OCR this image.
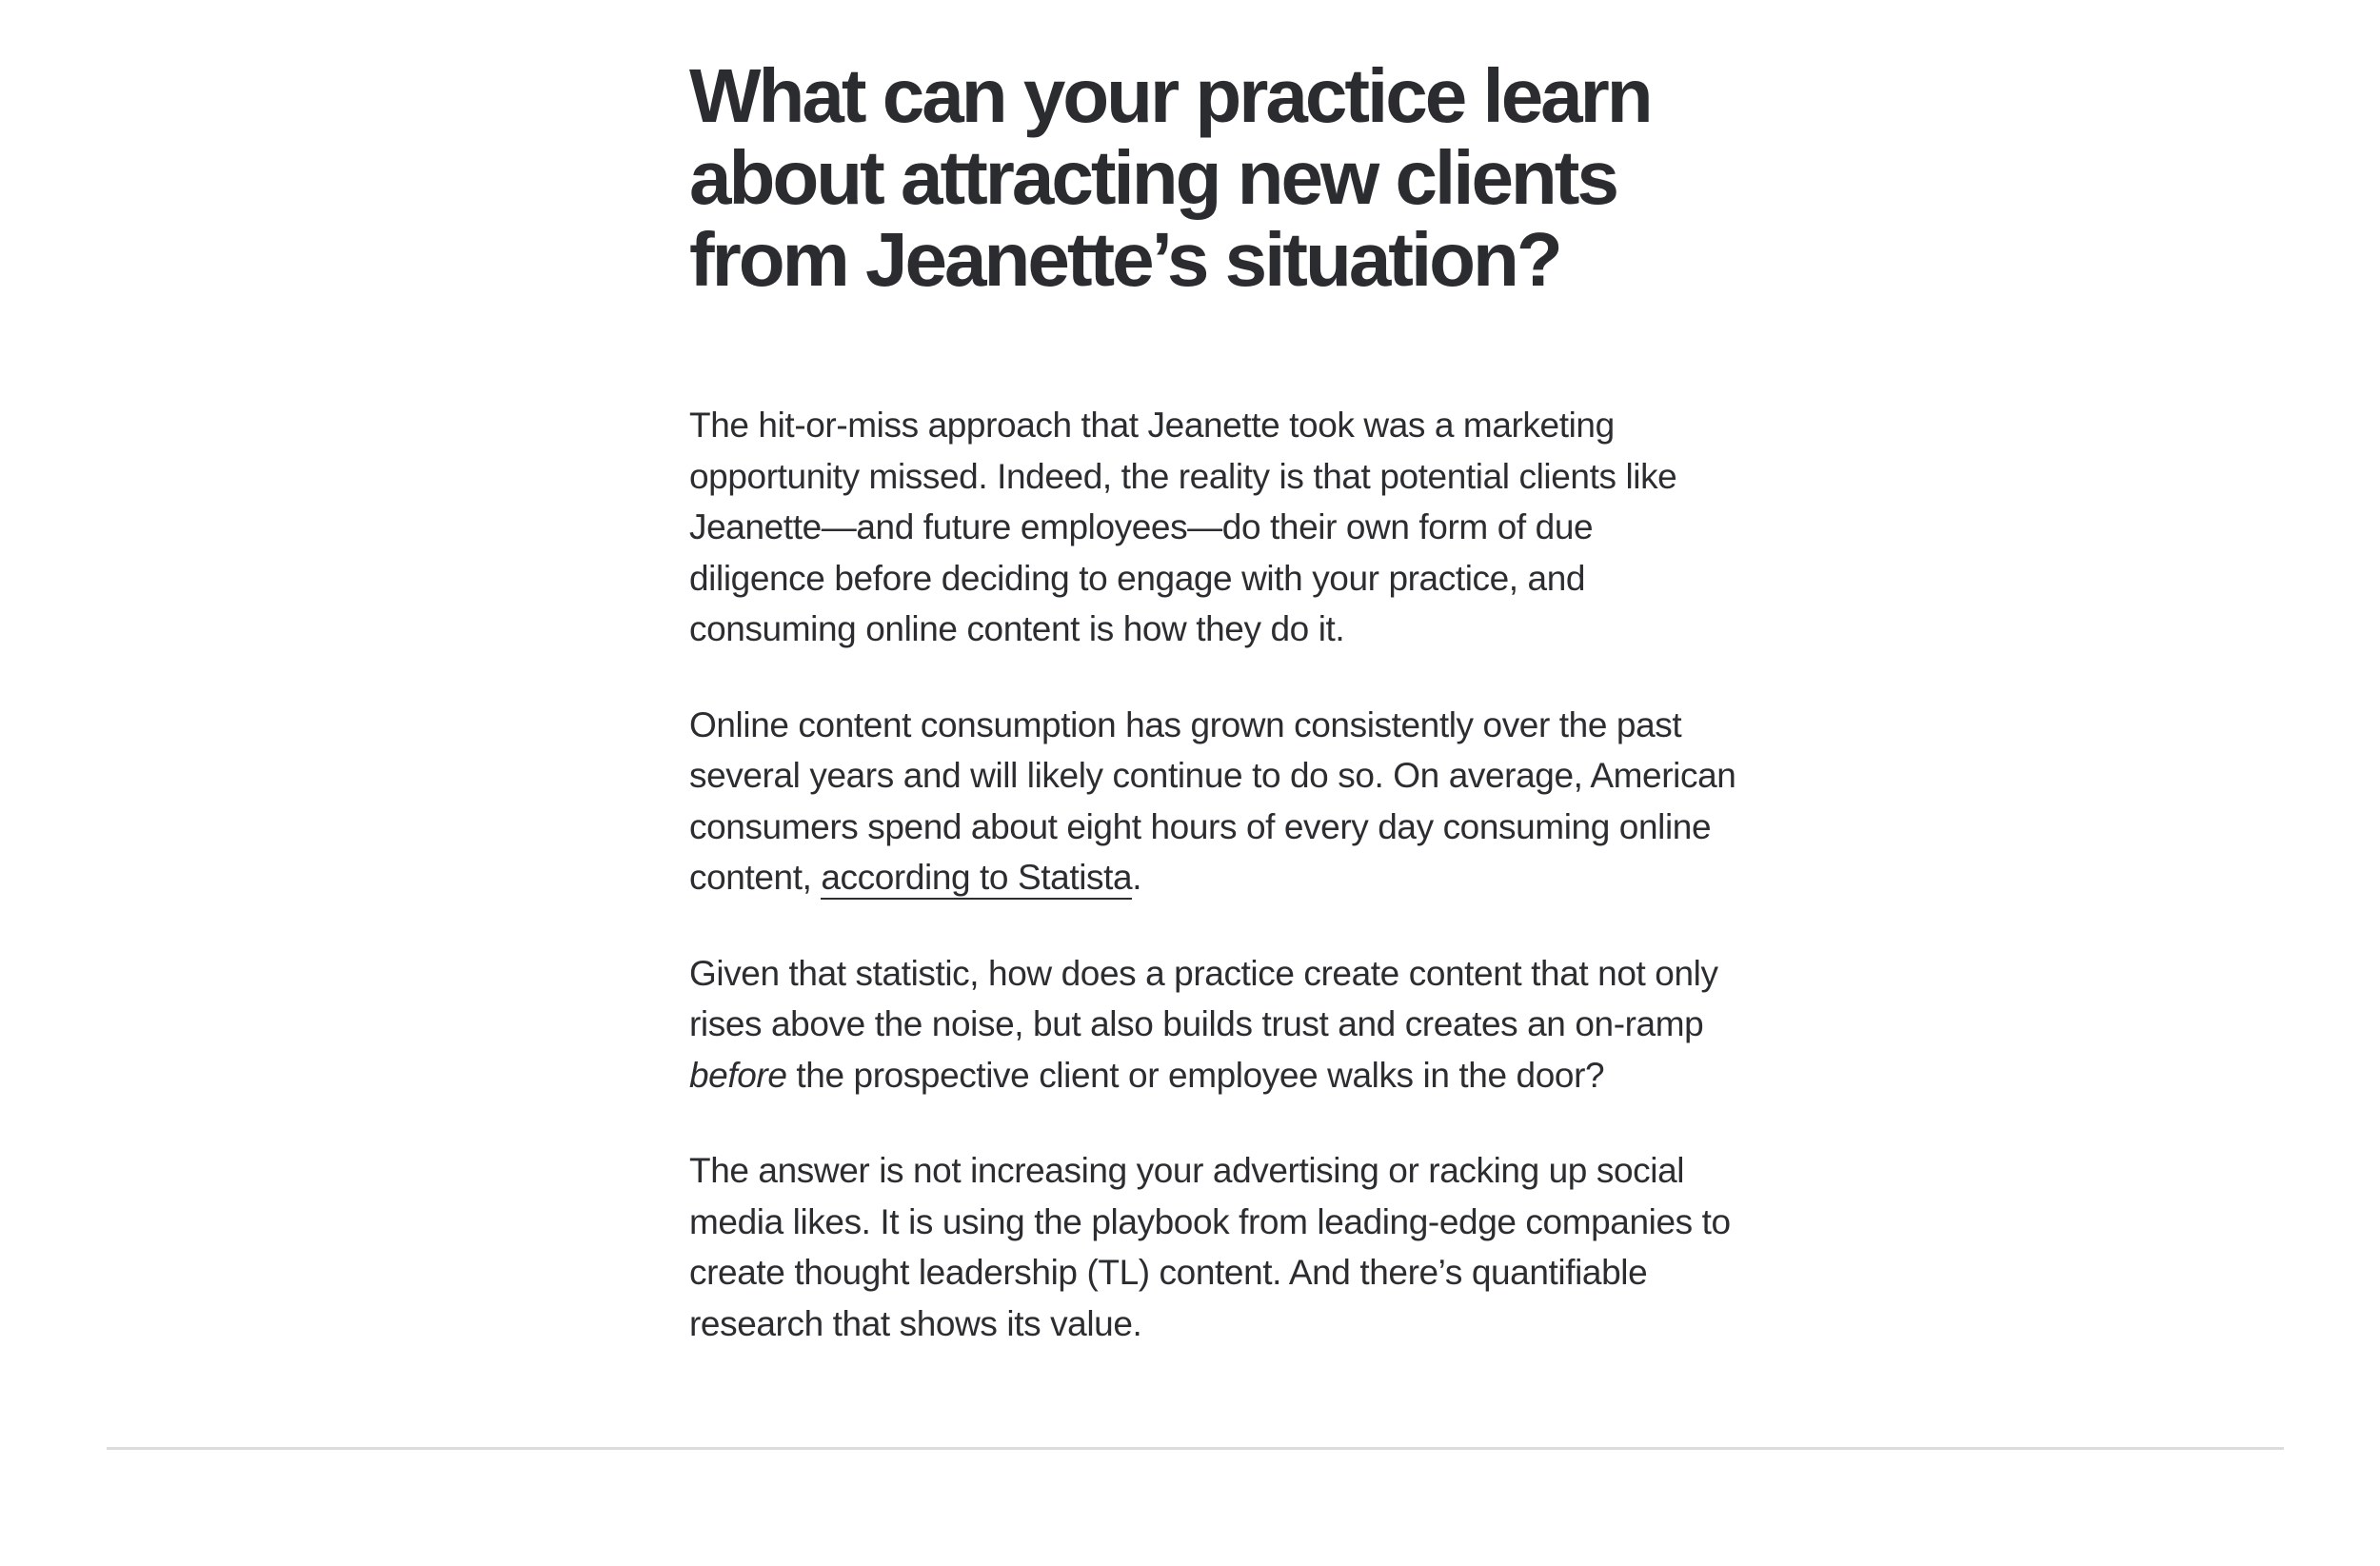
What can your practice learn about attracting new clients from Jeanette’s situation?

The hit-or-miss approach that Jeanette took was a marketing opportunity missed. Indeed, the reality is that potential clients like Jeanette—and future employees—do their own form of due diligence before deciding to engage with your practice, and consuming online content is how they do it.

Online content consumption has grown consistently over the past several years and will likely continue to do so. On average, American consumers spend about eight hours of every day consuming online content, according to Statista.

Given that statistic, how does a practice create content that not only rises above the noise, but also builds trust and creates an on-ramp before the prospective client or employee walks in the door?

The answer is not increasing your advertising or racking up social media likes. It is using the playbook from leading-edge companies to create thought leadership (TL) content. And there’s quantifiable research that shows its value.
